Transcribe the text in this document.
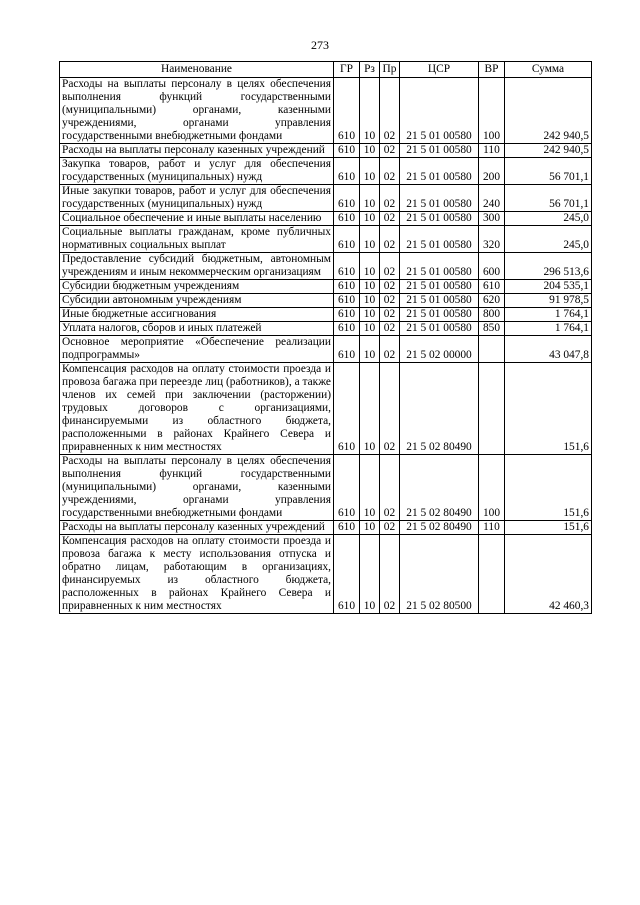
273
Наименование	ГР	Рз	Пр	ЦСР	ВР	Сумма
Расходы на выплаты персоналу в целях обеспечения выполнения функций государственными (муниципальными) органами, казенными учреждениями, органами управления государственными внебюджетными фондами	610	10	02	21 5 01 00580	100	242 940,5
Расходы на выплаты персоналу казенных учреждений	610	10	02	21 5 01 00580	110	242 940,5
Закупка товаров, работ и услуг для обеспечения государственных (муниципальных) нужд	610	10	02	21 5 01 00580	200	56 701,1
Иные закупки товаров, работ и услуг для обеспечения государственных (муниципальных) нужд	610	10	02	21 5 01 00580	240	56 701,1
Социальное обеспечение и иные выплаты населению	610	10	02	21 5 01 00580	300	245,0
Социальные выплаты гражданам, кроме публичных нормативных социальных выплат	610	10	02	21 5 01 00580	320	245,0
Предоставление субсидий бюджетным, автономным учреждениям и иным некоммерческим организациям	610	10	02	21 5 01 00580	600	296 513,6
Субсидии бюджетным учреждениям	610	10	02	21 5 01 00580	610	204 535,1
Субсидии автономным учреждениям	610	10	02	21 5 01 00580	620	91 978,5
Иные бюджетные ассигнования	610	10	02	21 5 01 00580	800	1 764,1
Уплата налогов, сборов и иных платежей	610	10	02	21 5 01 00580	850	1 764,1
Основное мероприятие «Обеспечение реализации подпрограммы»	610	10	02	21 5 02 00000		43 047,8
Компенсация расходов на оплату стоимости проезда и провоза багажа при переезде лиц (работников), а также членов их семей при заключении (расторжении) трудовых договоров с организациями, финансируемыми из областного бюджета, расположенными в районах Крайнего Севера и приравненных к ним местностях	610	10	02	21 5 02 80490		151,6
Расходы на выплаты персоналу в целях обеспечения выполнения функций государственными (муниципальными) органами, казенными учреждениями, органами управления государственными внебюджетными фондами	610	10	02	21 5 02 80490	100	151,6
Расходы на выплаты персоналу казенных учреждений	610	10	02	21 5 02 80490	110	151,6
Компенсация расходов на оплату стоимости проезда и провоза багажа к месту использования отпуска и обратно лицам, работающим в организациях, финансируемых из областного бюджета, расположенных в районах Крайнего Севера и приравненных к ним местностях	610	10	02	21 5 02 80500		42 460,3
